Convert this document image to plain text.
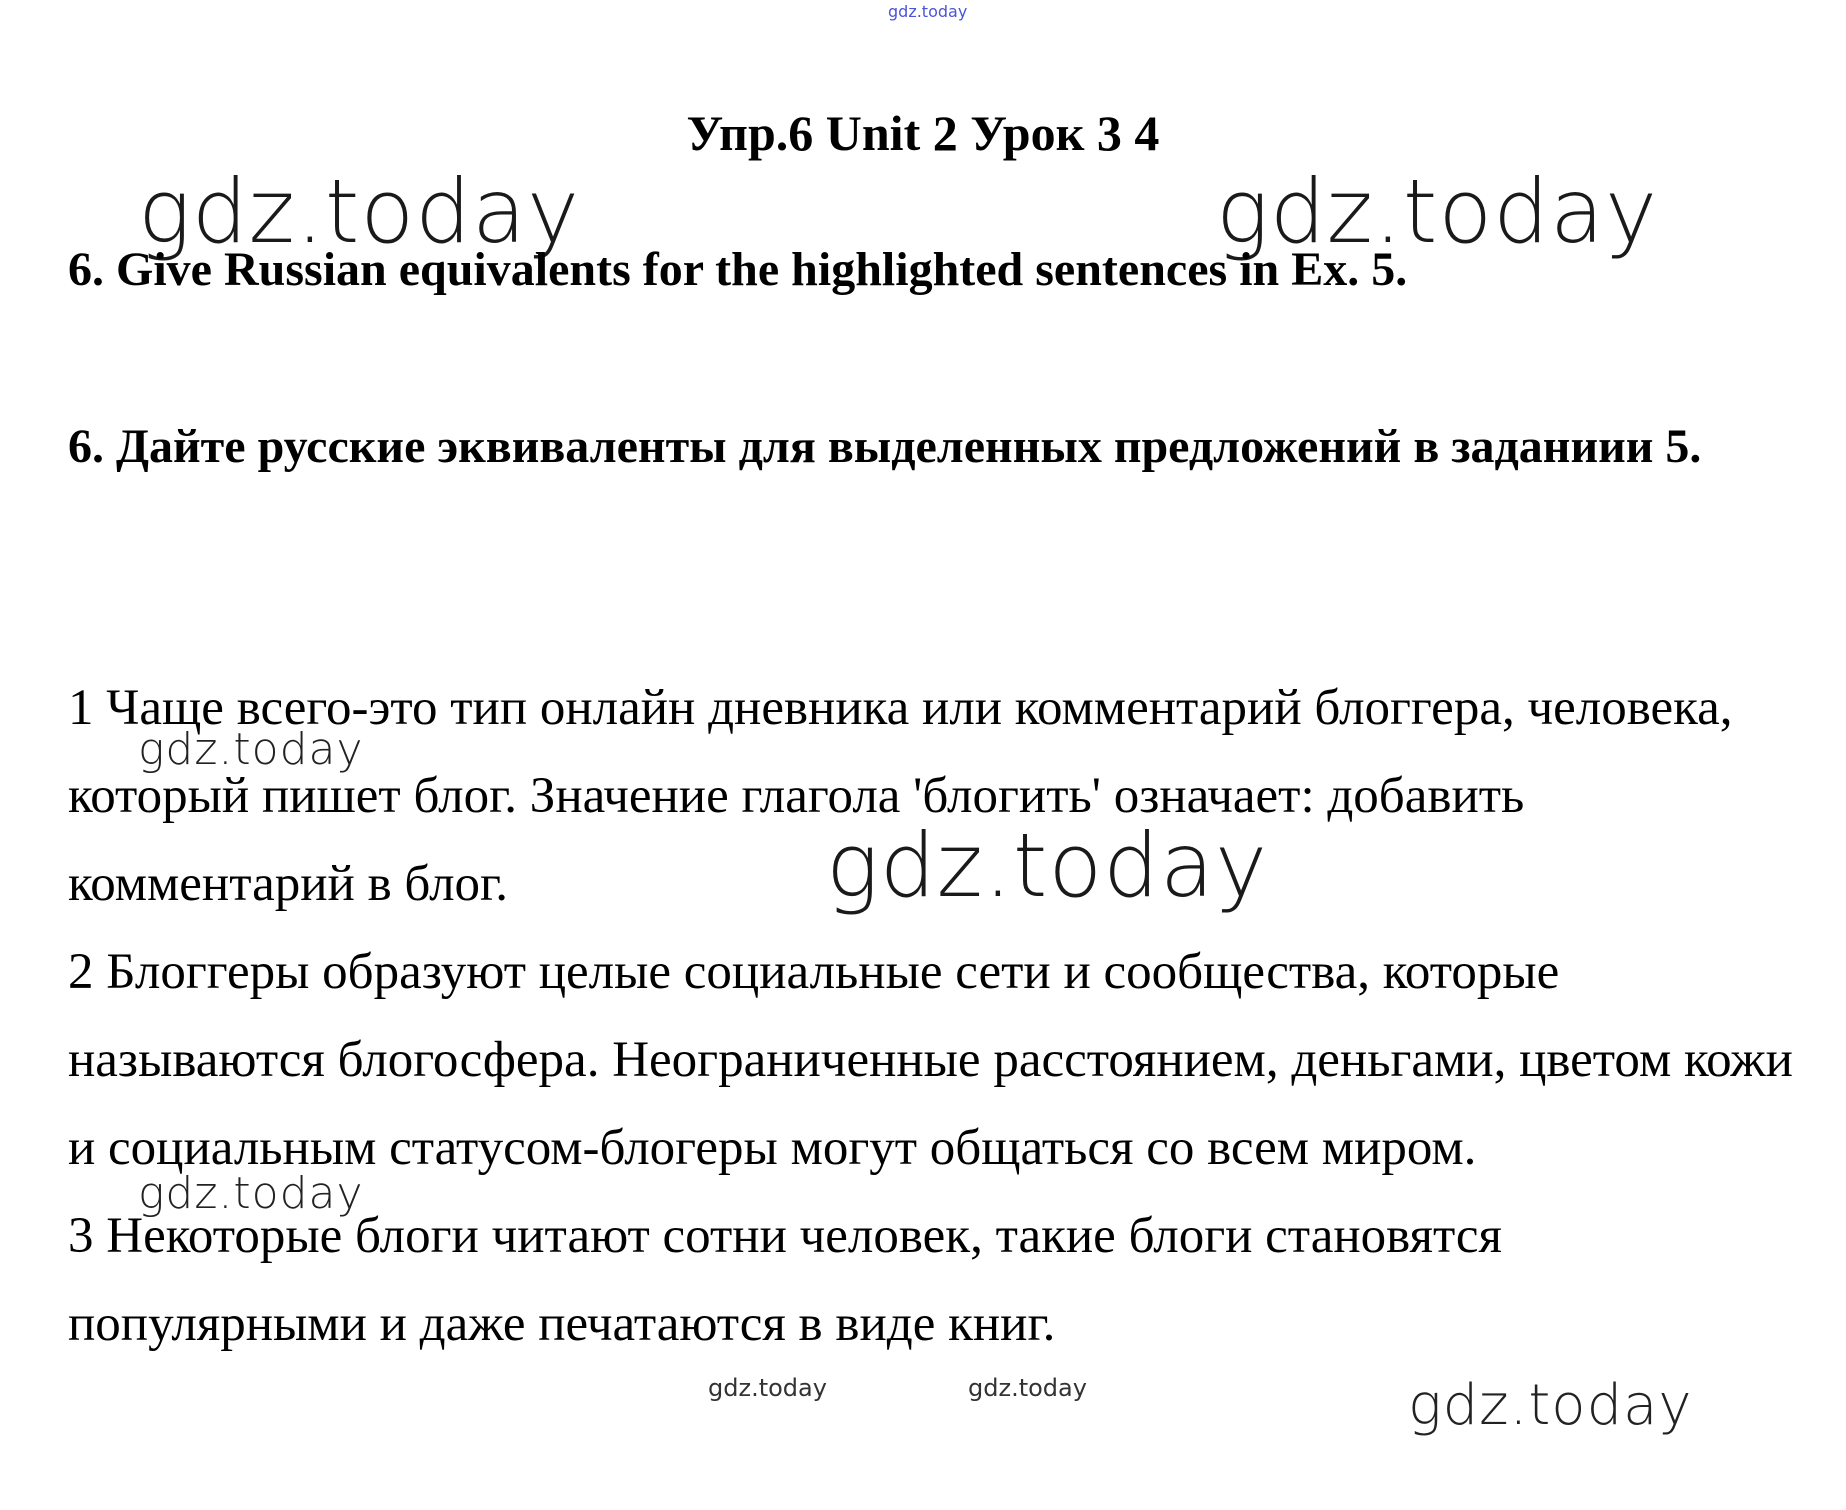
gdz.today
Упр.6 Unit 2 Урок 3 4
gdz.today	gdz.today

6. Give Russian equivalents for the highlighted sentences in Ex. 5.

6. Дайте русские эквиваленты для выделенных предложений в заданиии 5.

1 Чаще всего-это тип онлайн дневника или комментарий блоггера, человека, который пишет блог. Значение глагола 'блогить' означает: добавить комментарий в блог.
2 Блоггеры образуют целые социальные сети и сообщества, которые называются блогосфера. Неограниченные расстоянием, деньгами, цветом кожи и социальным статусом-блогеры могут общаться со всем миром.
3 Некоторые блоги читают сотни человек, такие блоги становятся популярными и даже печатаются в виде книг.
gdz.today
gdz.today
gdz.today
gdz.today	gdz.today	gdz.today
